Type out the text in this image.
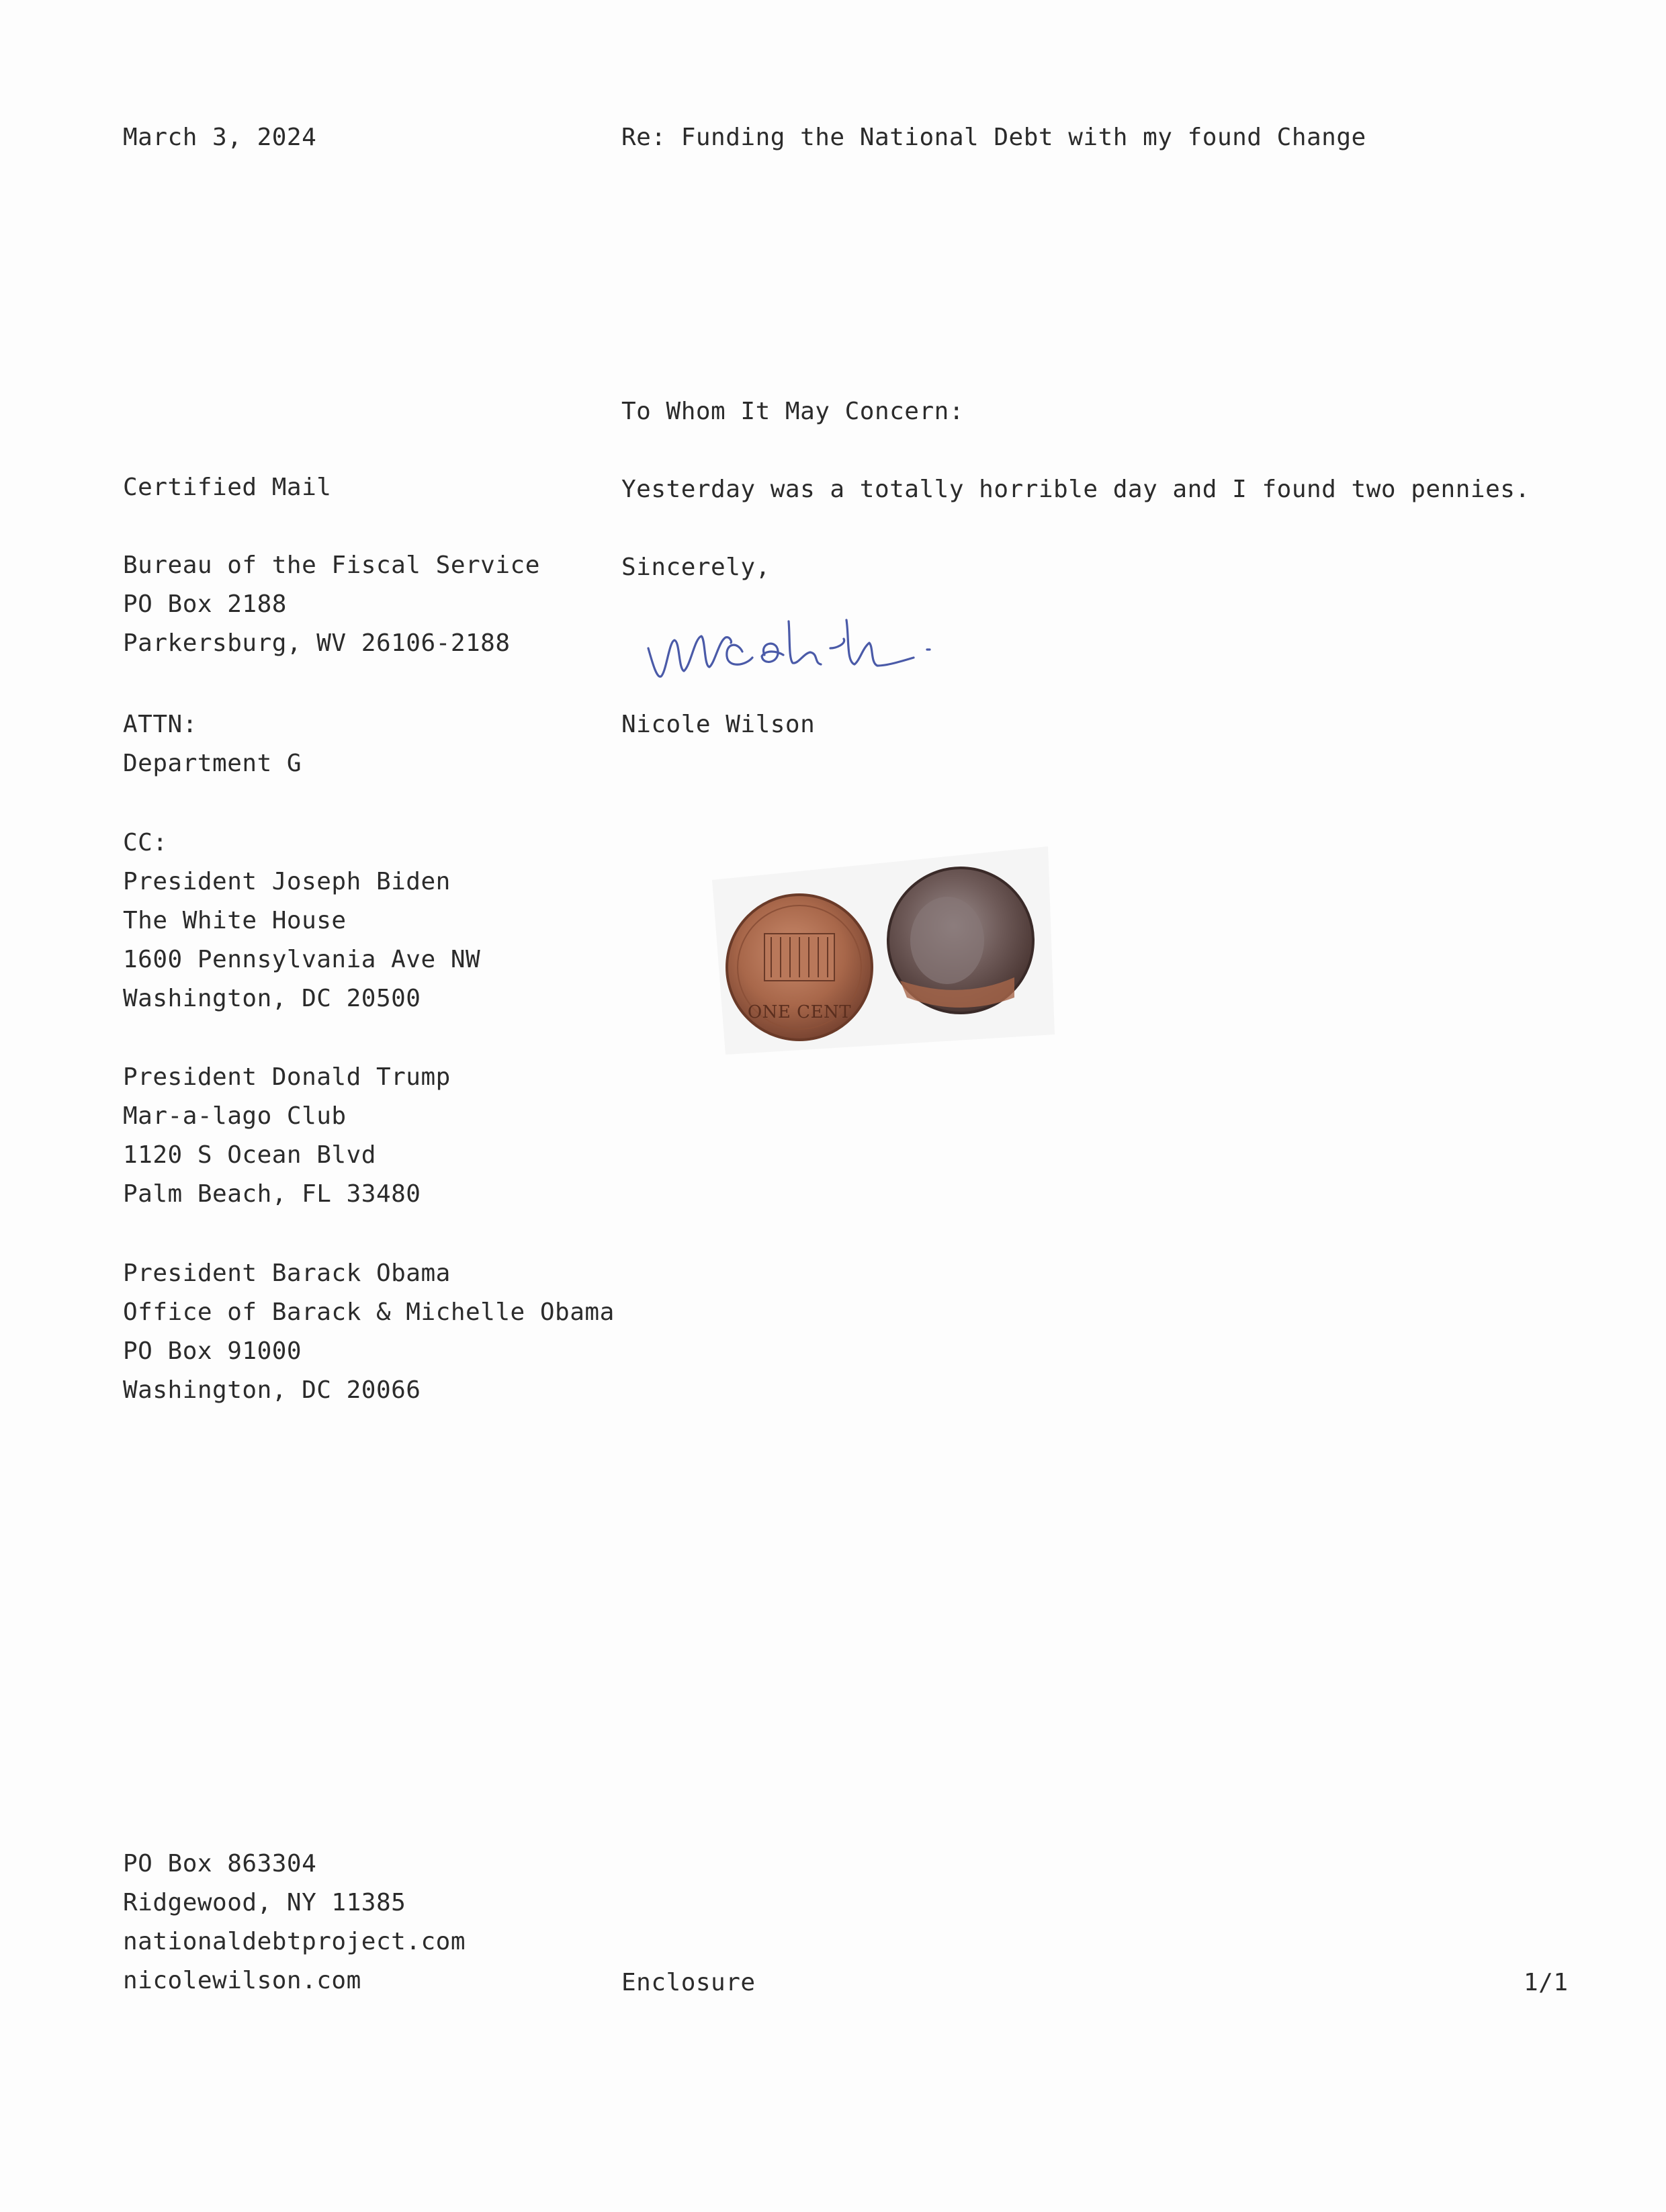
March 3, 2024	Re: Funding the National Debt with my found Change
Certified Mail
Bureau of the Fiscal Service
PO Box 2188
Parkersburg, WV 26106-2188
ATTN:
Department G
CC:
President Joseph Biden
The White House
1600 Pennsylvania Ave NW
Washington, DC 20500
President Donald Trump
Mar-a-lago Club
1120 S Ocean Blvd
Palm Beach, FL 33480
President Barack Obama
Office of Barack & Michelle Obama
PO Box 91000
Washington, DC 20066
PO Box 863304
Ridgewood, NY 11385
nationaldebtproject.com
nicolewilson.com
To Whom It May Concern:
Yesterday was a totally horrible day and I found two pennies.
Sincerely,
Nicole Wilson
ONE CENT
Enclosure	1/1
